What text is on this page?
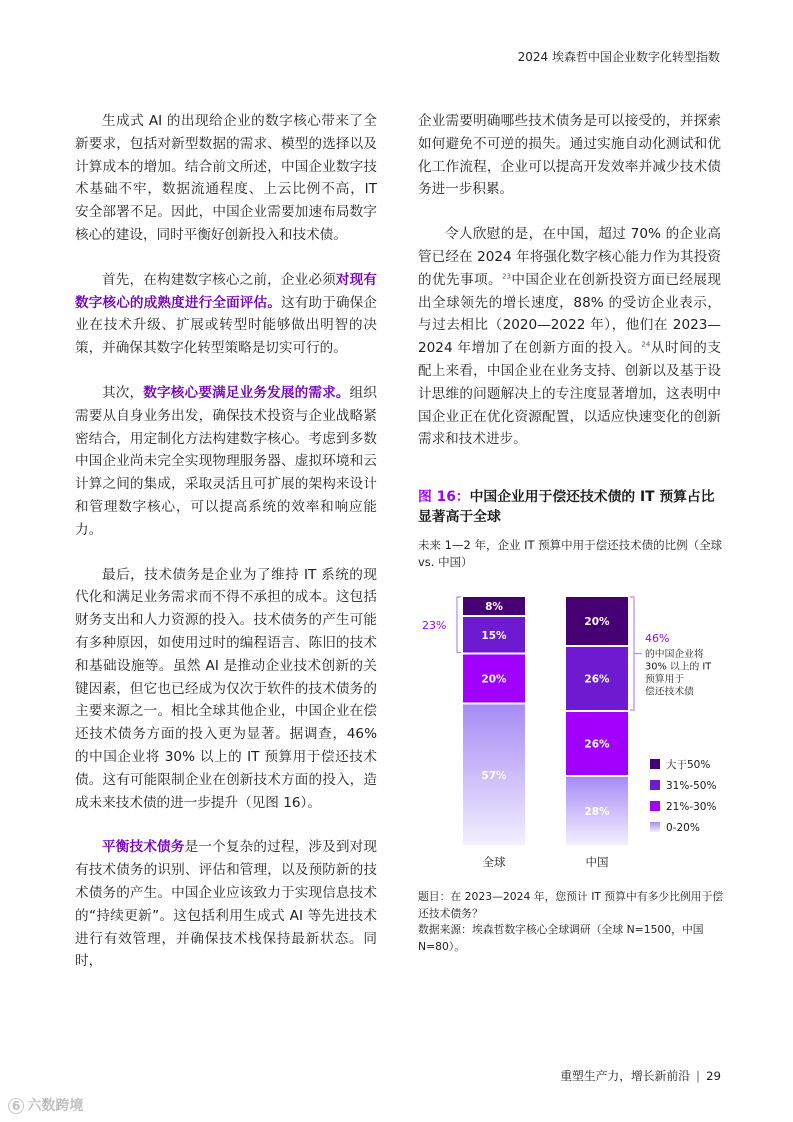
2024 埃森哲中国企业数字化转型指数

生成式 AI 的出现给企业的数字核心带来了全新要求，包括对新型数据的需求、模型的选择以及计算成本的增加。结合前文所述，中国企业数字技术基础不牢，数据流通程度、上云比例不高，IT 安全部署不足。因此，中国企业需要加速布局数字核心的建设，同时平衡好创新投入和技术债。

首先，在构建数字核心之前，企业必须对现有数字核心的成熟度进行全面评估。这有助于确保企业在技术升级、扩展或转型时能够做出明智的决策，并确保其数字化转型策略是切实可行的。

其次，数字核心要满足业务发展的需求。组织需要从自身业务出发，确保技术投资与企业战略紧密结合，用定制化方法构建数字核心。考虑到多数中国企业尚未完全实现物理服务器、虚拟环境和云计算之间的集成，采取灵活且可扩展的架构来设计和管理数字核心，可以提高系统的效率和响应能力。

最后，技术债务是企业为了维持 IT 系统的现代化和满足业务需求而不得不承担的成本。这包括财务支出和人力资源的投入。技术债务的产生可能有多种原因，如使用过时的编程语言、陈旧的技术和基础设施等。虽然 AI 是推动企业技术创新的关键因素，但它也已经成为仅次于软件的技术债务的主要来源之一。相比全球其他企业，中国企业在偿还技术债务方面的投入更为显著。据调查，46% 的中国企业将 30% 以上的 IT 预算用于偿还技术债。这有可能限制企业在创新技术方面的投入，造成未来技术债的进一步提升（见图 16）。

平衡技术债务是一个复杂的过程，涉及到对现有技术债务的识别、评估和管理，以及预防新的技术债务的产生。中国企业应该致力于实现信息技术的“持续更新”。这包括利用生成式 AI 等先进技术进行有效管理，并确保技术栈保持最新状态。同时，

企业需要明确哪些技术债务是可以接受的，并探索如何避免不可逆的损失。通过实施自动化测试和优化工作流程，企业可以提高开发效率并减少技术债务进一步积累。

令人欣慰的是，在中国，超过 70% 的企业高管已经在 2024 年将强化数字核心能力作为其投资的优先事项。$^{23}$中国企业在创新投资方面已经展现出全球领先的增长速度，88% 的受访企业表示，与过去相比（2020—2022 年），他们在 2023—2024 年增加了在创新方面的投入。$^{24}$从时间的支配上来看，中国企业在业务支持、创新以及基于设计思维的问题解决上的专注度显著增加，这表明中国企业正在优化资源配置，以适应快速变化的创新需求和技术进步。

图 16：中国企业用于偿还技术债的 IT 预算占比显著高于全球
未来 1—2 年，企业 IT 预算中用于偿还技术债的比例（全球 vs. 中国）
57%
20%
15%
8%
全球
28%
26%
26%
20%
中国
23%
46%
的中国企业将 30% 以上的 IT 预算用于偿还技术债
大于50%
31%-50%
21%-30%
0-20%
题目：在 2023—2024 年，您预计 IT 预算中有多少比例用于偿还技术债务？
数据来源：埃森哲数字核心全球调研（全球 N=1500，中国 N=80）。
重塑生产力，增长新前沿 | 29
6 六数跨境
